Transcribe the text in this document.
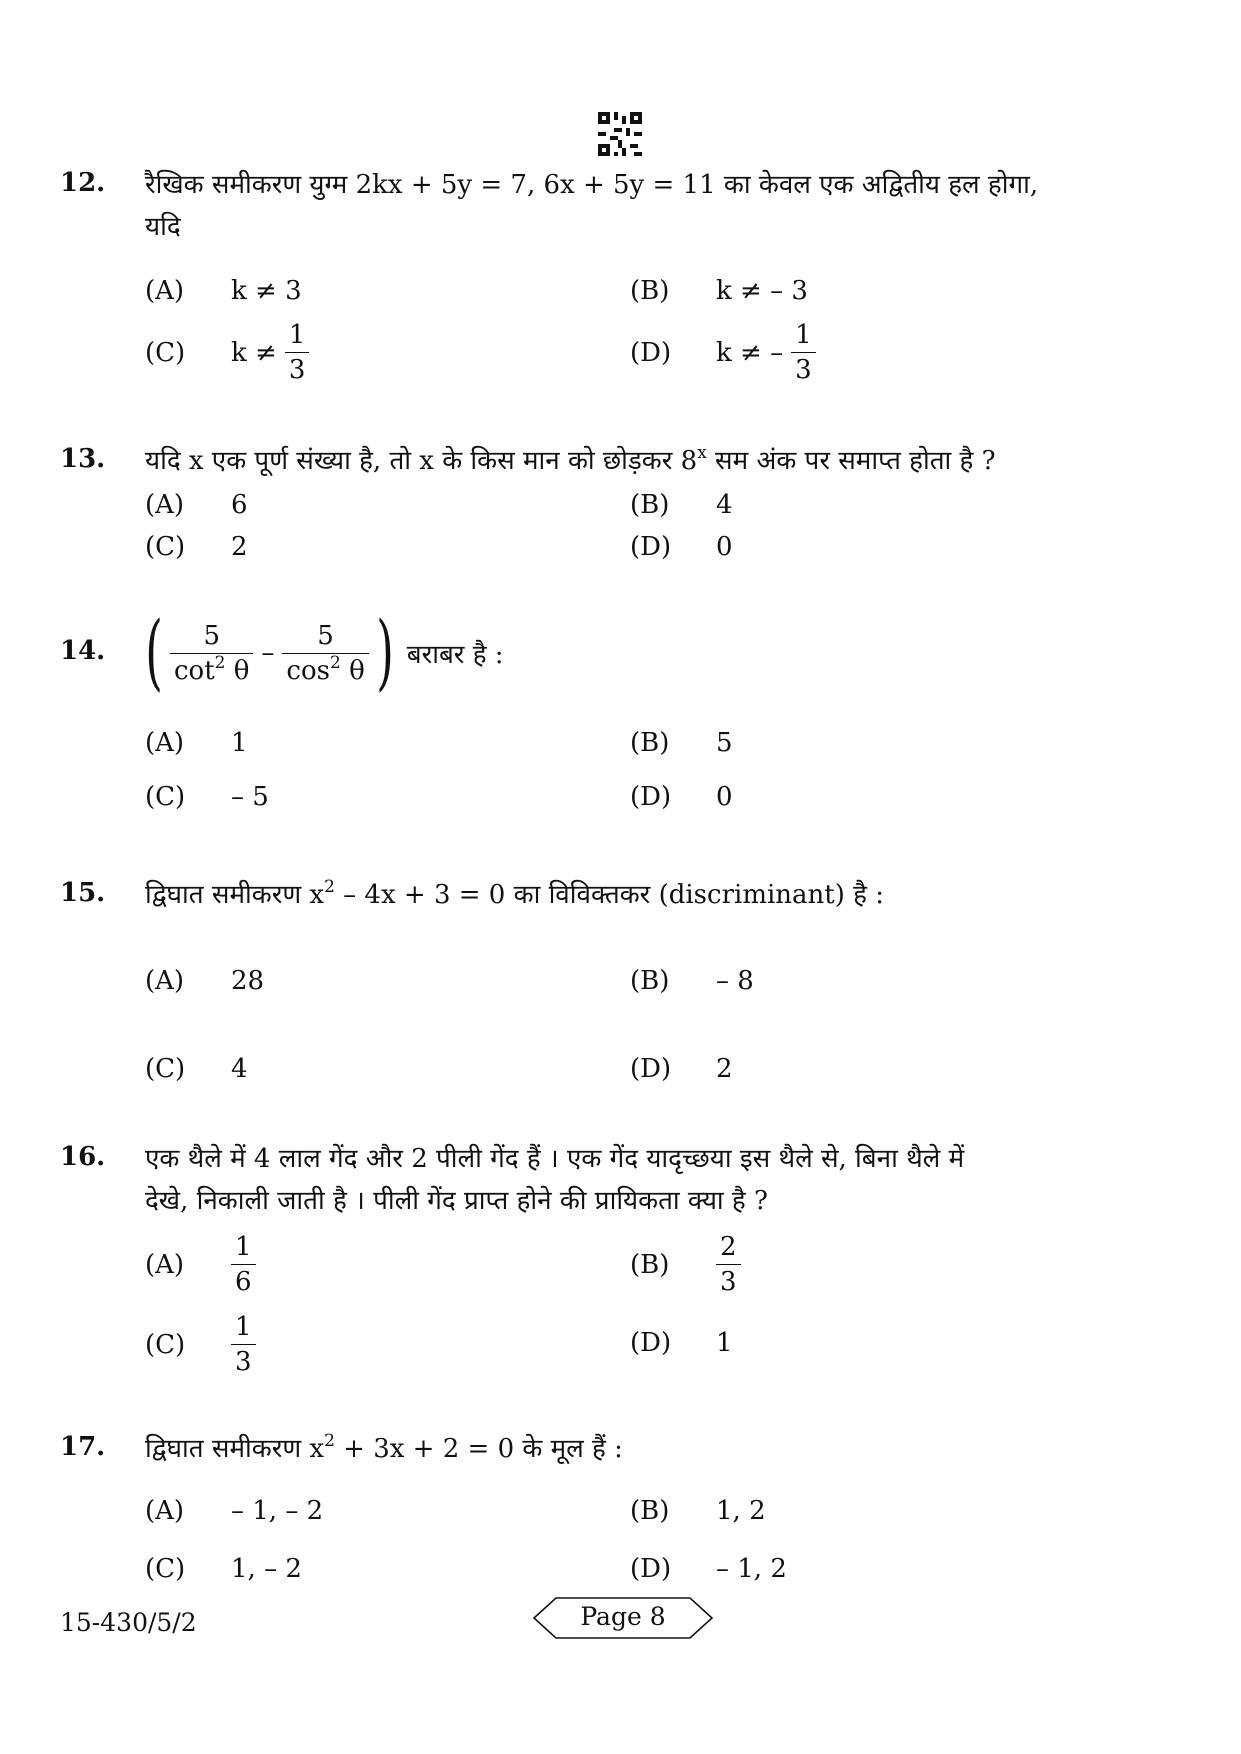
12. रैखिक समीकरण युग्म 2kx + 5y = 7, 6x + 5y = 11 का केवल एक अद्वितीय हल होगा,
यदि
(A)	k ≠ 3	(B)	k ≠ – 3
(C)	$k \ne \frac{1}{3}$	(D)	k ≠ – $\frac{1}{3}$
13. यदि x एक पूर्ण संख्या है, तो x के किस मान को छोड़कर 8$^x$ सम अंक पर समाप्त होता है ?
(A)	6	(B)	4
(C)	2	(D)	0
14. ( $\frac{5}{\cot^2 \theta} - \frac{5}{\cos^2 \theta}$ ) बराबर है :
(A)	1	(B)	5
(C)	– 5	(D)	0
15. द्विघात समीकरण $x^2 - 4x + 3 = 0$ का विविक्तकर (discriminant) है :
(A)	28	(B)	– 8
(C)	4	(D)	2
16. एक थैले में 4 लाल गेंद और 2 पीली गेंद हैं । एक गेंद यादृच्छया इस थैले से, बिना थैले में
देखे, निकाली जाती है । पीली गेंद प्राप्त होने की प्रायिकता क्या है ?
(A)	$\frac{1}{6}$	(B)	$\frac{2}{3}$
(C)	$\frac{1}{3}$	(D)	1
17. द्विघात समीकरण $x^2 + 3x + 2 = 0$ के मूल हैं :
(A)	– 1, – 2	(B)	1, 2
(C)	1, – 2	(D)	– 1, 2
15-430/5/2	Page 8
